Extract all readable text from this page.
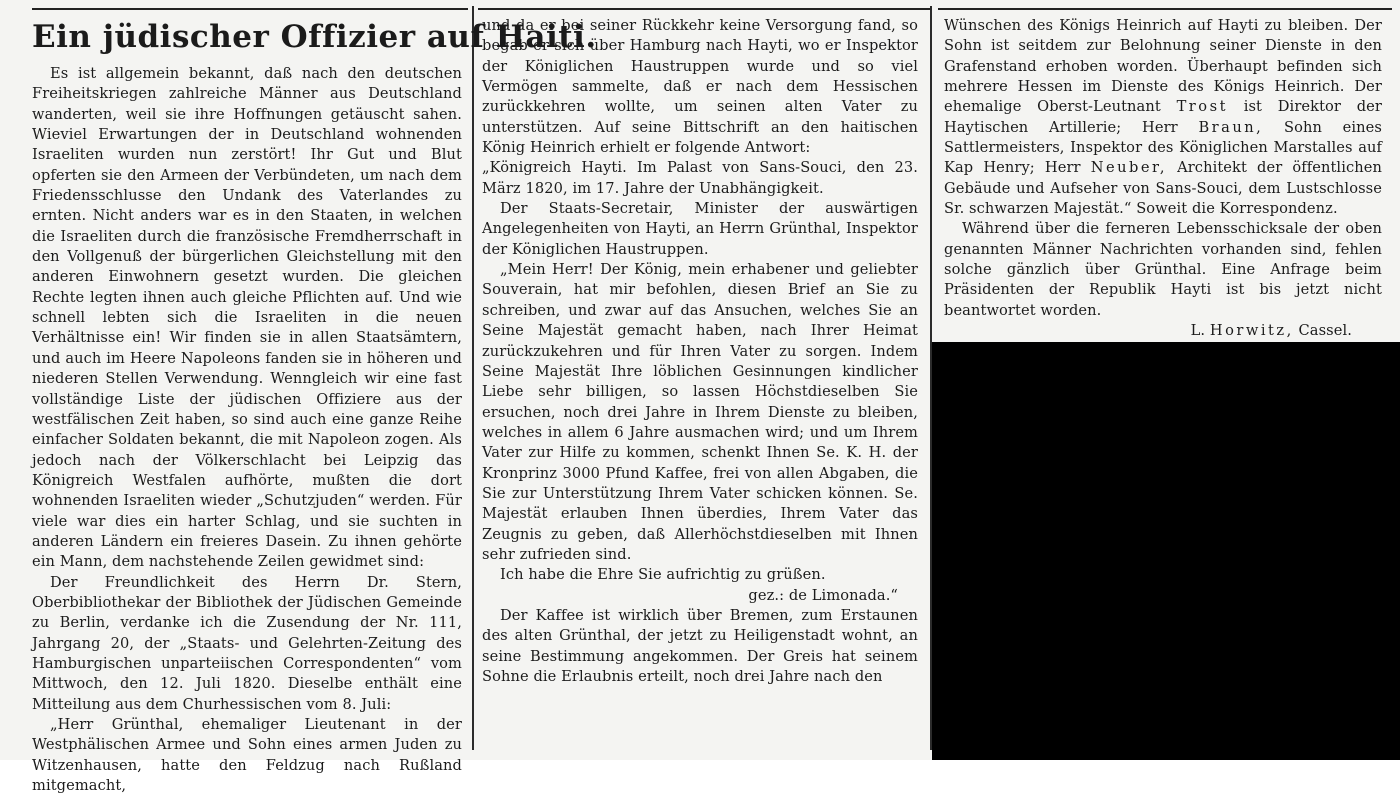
Ein jüdischer Offizier auf Haiti.

Es ist allgemein bekannt, daß nach den deutschen Freiheitskriegen zahlreiche Männer aus Deutschland wanderten, weil sie ihre Hoffnungen getäuscht sahen. Wieviel Erwartungen der in Deutschland wohnenden Israeliten wurden nun zerstört! Ihr Gut und Blut opferten sie den Armeen der Verbündeten, um nach dem Friedensschlusse den Undank des Vaterlandes zu ernten. Nicht anders war es in den Staaten, in welchen die Israeliten durch die französische Fremdherrschaft in den Vollgenuß der bürgerlichen Gleichstellung mit den anderen Einwohnern gesetzt wurden. Die gleichen Rechte legten ihnen auch gleiche Pflichten auf. Und wie schnell lebten sich die Israeliten in die neuen Verhältnisse ein! Wir finden sie in allen Staatsämtern, und auch im Heere Napoleons fanden sie in höheren und niederen Stellen Verwendung. Wenngleich wir eine fast vollständige Liste der jüdischen Offiziere aus der westfälischen Zeit haben, so sind auch eine ganze Reihe einfacher Soldaten bekannt, die mit Napoleon zogen. Als jedoch nach der Völkerschlacht bei Leipzig das Königreich Westfalen aufhörte, mußten die dort wohnenden Israeliten wieder „Schutzjuden“ werden. Für viele war dies ein harter Schlag, und sie suchten in anderen Ländern ein freieres Dasein. Zu ihnen gehörte ein Mann, dem nachstehende Zeilen gewidmet sind:

Der Freundlichkeit des Herrn Dr. Stern, Oberbibliothekar der Bibliothek der Jüdischen Gemeinde zu Berlin, verdanke ich die Zusendung der Nr. 111, Jahrgang 20, der „Staats- und Gelehrten-Zeitung des Hamburgischen unparteiischen Correspondenten“ vom Mittwoch, den 12. Juli 1820. Dieselbe enthält eine Mitteilung aus dem Churhessischen vom 8. Juli:

„Herr Grünthal, ehemaliger Lieutenant in der Westphälischen Armee und Sohn eines armen Juden zu Witzenhausen, hatte den Feldzug nach Rußland mitgemacht,

und da er bei seiner Rückkehr keine Versorgung fand, so begab er sich über Hamburg nach Hayti, wo er Inspektor der Königlichen Haustruppen wurde und so viel Vermögen sammelte, daß er nach dem Hessischen zurückkehren wollte, um seinen alten Vater zu unterstützen. Auf seine Bittschrift an den haitischen König Heinrich erhielt er folgende Antwort:

„Königreich Hayti. Im Palast von Sans-Souci, den 23. März 1820, im 17. Jahre der Unabhängigkeit.

Der Staats-Secretair, Minister der auswärtigen Angelegenheiten von Hayti, an Herrn Grünthal, Inspektor der Königlichen Haustruppen.

„Mein Herr! Der König, mein erhabener und geliebter Souverain, hat mir befohlen, diesen Brief an Sie zu schreiben, und zwar auf das Ansuchen, welches Sie an Seine Majestät gemacht haben, nach Ihrer Heimat zurückzukehren und für Ihren Vater zu sorgen. Indem Seine Majestät Ihre löblichen Gesinnungen kindlicher Liebe sehr billigen, so lassen Höchstdieselben Sie ersuchen, noch drei Jahre in Ihrem Dienste zu bleiben, welches in allem 6 Jahre ausmachen wird; und um Ihrem Vater zur Hilfe zu kommen, schenkt Ihnen Se. K. H. der Kronprinz 3000 Pfund Kaffee, frei von allen Abgaben, die Sie zur Unterstützung Ihrem Vater schicken können. Se. Majestät erlauben Ihnen überdies, Ihrem Vater das Zeugnis zu geben, daß Allerhöchstdieselben mit Ihnen sehr zufrieden sind.

Ich habe die Ehre Sie aufrichtig zu grüßen.

gez.: de Limonada.“

Der Kaffee ist wirklich über Bremen, zum Erstaunen des alten Grünthal, der jetzt zu Heiligenstadt wohnt, an seine Bestimmung angekommen. Der Greis hat seinem Sohne die Erlaubnis erteilt, noch drei Jahre nach den

Wünschen des Königs Heinrich auf Hayti zu bleiben. Der Sohn ist seitdem zur Belohnung seiner Dienste in den Grafenstand erhoben worden. Überhaupt befinden sich mehrere Hessen im Dienste des Königs Heinrich. Der ehemalige Oberst-Leutnant Trost ist Direktor der Haytischen Artillerie; Herr Braun, Sohn eines Sattlermeisters, Inspektor des Königlichen Marstalles auf Kap Henry; Herr Neuber, Architekt der öffentlichen Gebäude und Aufseher von Sans-Souci, dem Lustschlosse Sr. schwarzen Majestät.“ Soweit die Korrespondenz.

Während über die ferneren Lebensschicksale der oben genannten Männer Nachrichten vorhanden sind, fehlen solche gänzlich über Grünthal. Eine Anfrage beim Präsidenten der Republik Hayti ist bis jetzt nicht beantwortet worden.

L. Horwitz, Cassel.
